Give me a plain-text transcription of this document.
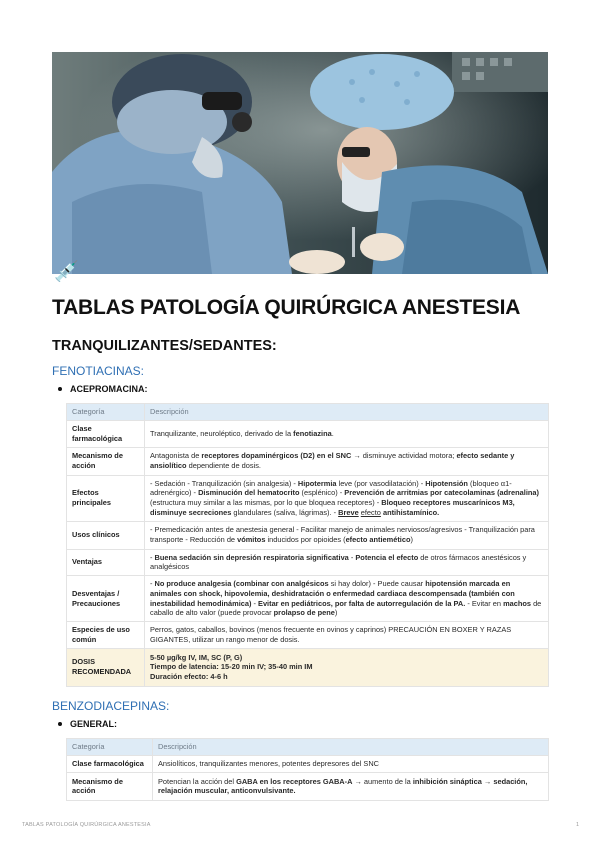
💉
TABLAS PATOLOGÍA QUIRÚRGICA ANESTESIA
TRANQUILIZANTES/SEDANTES:
FENOTIACINAS:
ACEPROMACINA:
Categoría	Descripción
Clase farmacológica	Tranquilizante, neuroléptico, derivado de la fenotiazina.
Mecanismo de acción	Antagonista de receptores dopaminérgicos (D2) en el SNC → disminuye actividad motora; efecto sedante y ansiolítico dependiente de dosis.
Efectos principales	- Sedación - Tranquilización (sin analgesia) - Hipotermia leve (por vasodilatación) - Hipotensión (bloqueo α1-adrenérgico) - Disminución del hematocrito (esplénico) - Prevención de arritmias por catecolaminas (adrenalina) (estructura muy similar a las mismas, por lo que bloquea receptores) - Bloqueo receptores muscarínicos M3, disminuye secreciones glandulares (saliva, lágrimas). - Breve efecto antihistamínico.
Usos clínicos	- Premedicación antes de anestesia general - Facilitar manejo de animales nerviosos/agresivos - Tranquilización para transporte - Reducción de vómitos inducidos por opioides (efecto antiemético)
Ventajas	- Buena sedación sin depresión respiratoria significativa - Potencia el efecto de otros fármacos anestésicos y analgésicos
Desventajas / Precauciones	- No produce analgesia (combinar con analgésicos si hay dolor) - Puede causar hipotensión marcada en animales con shock, hipovolemia, deshidratación o enfermedad cardiaca descompensada (también con inestabilidad hemodinámica) - Evitar en pediátricos, por falta de autorregulación de la PA. - Evitar en machos de caballo de alto valor (puede provocar prolapso de pene)
Especies de uso común	Perros, gatos, caballos, bovinos (menos frecuente en ovinos y caprinos) PRECAUCIÓN EN BOXER Y RAZAS GIGANTES, utilizar un rango menor de dosis.
DOSIS RECOMENDADA	5-50 µg/kg IV, IM, SC (P, G)
Tiempo de latencia: 15-20 min IV; 35-40 min IM
Duración efecto: 4-6 h
BENZODIACEPINAS:
GENERAL:
Categoría	Descripción
Clase farmacológica	Ansiolíticos, tranquilizantes menores, potentes depresores del SNC
Mecanismo de acción	Potencian la acción del GABA en los receptores GABA-A → aumento de la inhibición sináptica → sedación, relajación muscular, anticonvulsivante.
TABLAS PATOLOGÍA QUIRÚRGICA ANESTESIA	1
